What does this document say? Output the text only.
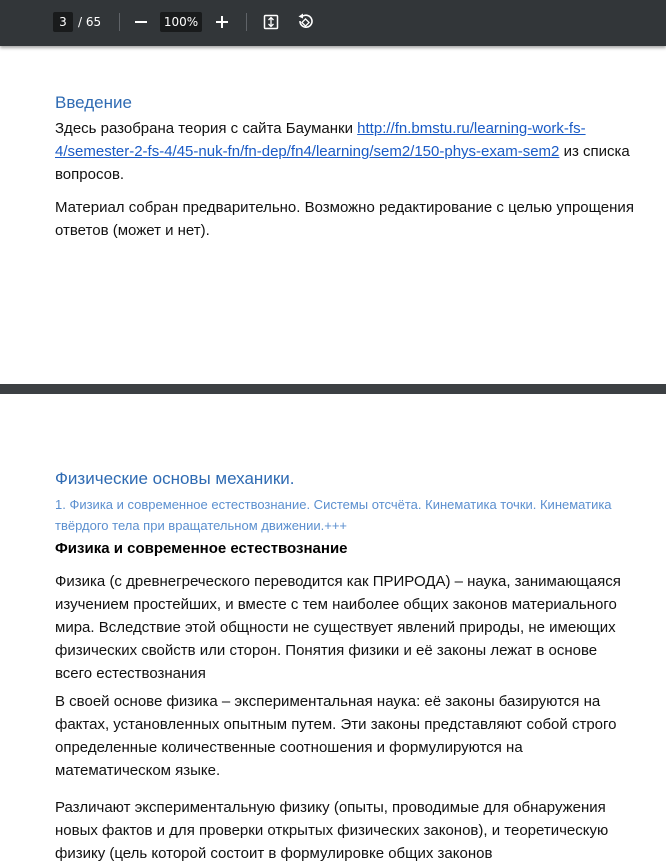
3 / 65	100%
Введение
Здесь разобрана теория с сайта Бауманки http://fn.bmstu.ru/learning-work-fs-4/semester-2-fs-4/45-nuk-fn/fn-dep/fn4/learning/sem2/150-phys-exam-sem2 из списка вопросов.
Материал собран предварительно. Возможно редактирование с целью упрощения ответов (может и нет).
Физические основы механики.
1. Физика и современное естествознание. Системы отсчёта. Кинематика точки. Кинематика твёрдого тела при вращательном движении.+++
Физика и современное естествознание
Физика (с древнегреческого переводится как ПРИРОДА) – наука, занимающаяся изучением простейших, и вместе с тем наиболее общих законов материального мира. Вследствие этой общности не существует явлений природы, не имеющих физических свойств или сторон. Понятия физики и её законы лежат в основе всего естествознания
В своей основе физика – экспериментальная наука: её законы базируются на фактах, установленных опытным путем. Эти законы представляют собой строго определенные количественные соотношения и формулируются на математическом языке.
Различают экспериментальную физику (опыты, проводимые для обнаружения новых фактов и для проверки открытых физических законов), и теоретическую физику (цель которой состоит в формулировке общих законов
